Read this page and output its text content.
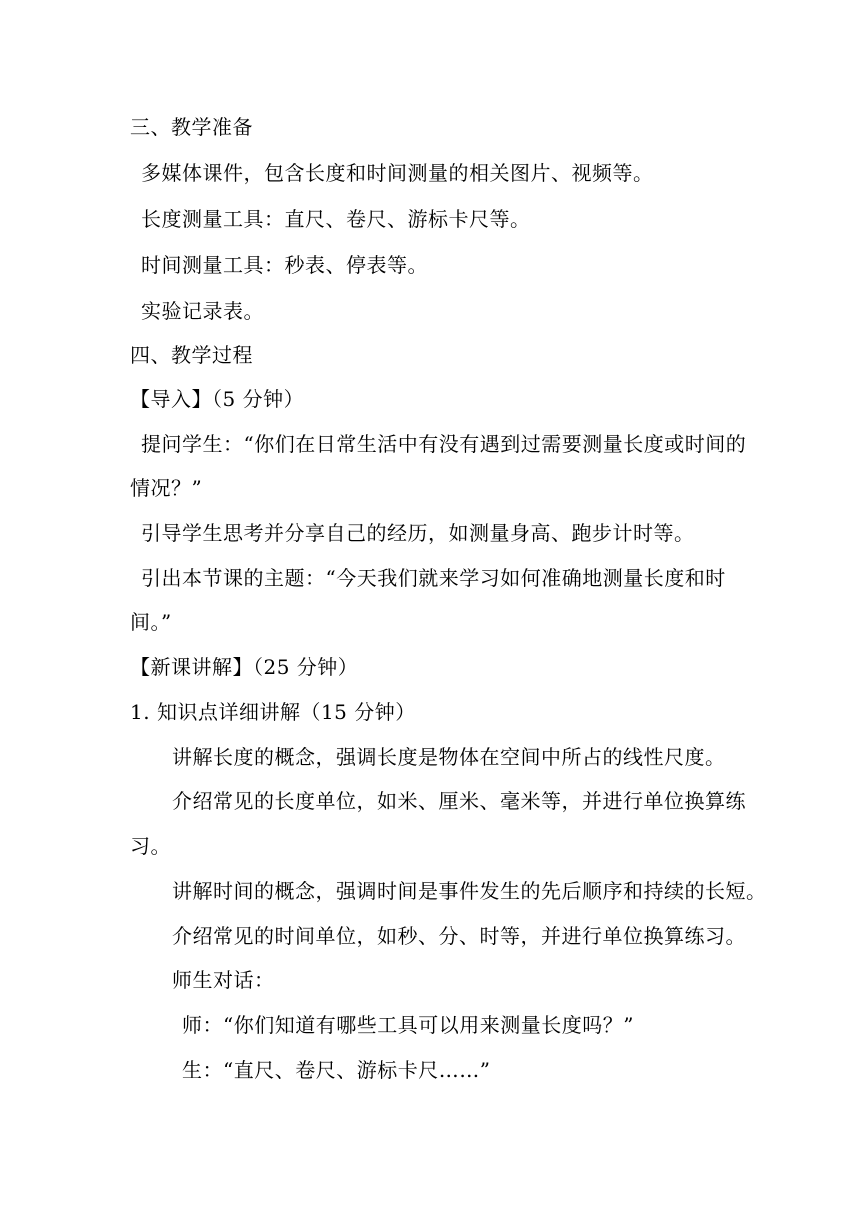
三、教学准备
多媒体课件，包含长度和时间测量的相关图片、视频等。
长度测量工具：直尺、卷尺、游标卡尺等。
时间测量工具：秒表、停表等。
实验记录表。
四、教学过程
【导入】（5 分钟）
提问学生：“你们在日常生活中有没有遇到过需要测量长度或时间的
情况？”
引导学生思考并分享自己的经历，如测量身高、跑步计时等。
引出本节课的主题：“今天我们就来学习如何准确地测量长度和时
间。”
【新课讲解】（25 分钟）
1. 知识点详细讲解（15 分钟）
讲解长度的概念，强调长度是物体在空间中所占的线性尺度。
介绍常见的长度单位，如米、厘米、毫米等，并进行单位换算练
习。
讲解时间的概念，强调时间是事件发生的先后顺序和持续的长短。
介绍常见的时间单位，如秒、分、时等，并进行单位换算练习。
师生对话：
师：“你们知道有哪些工具可以用来测量长度吗？”
生：“直尺、卷尺、游标卡尺……”
